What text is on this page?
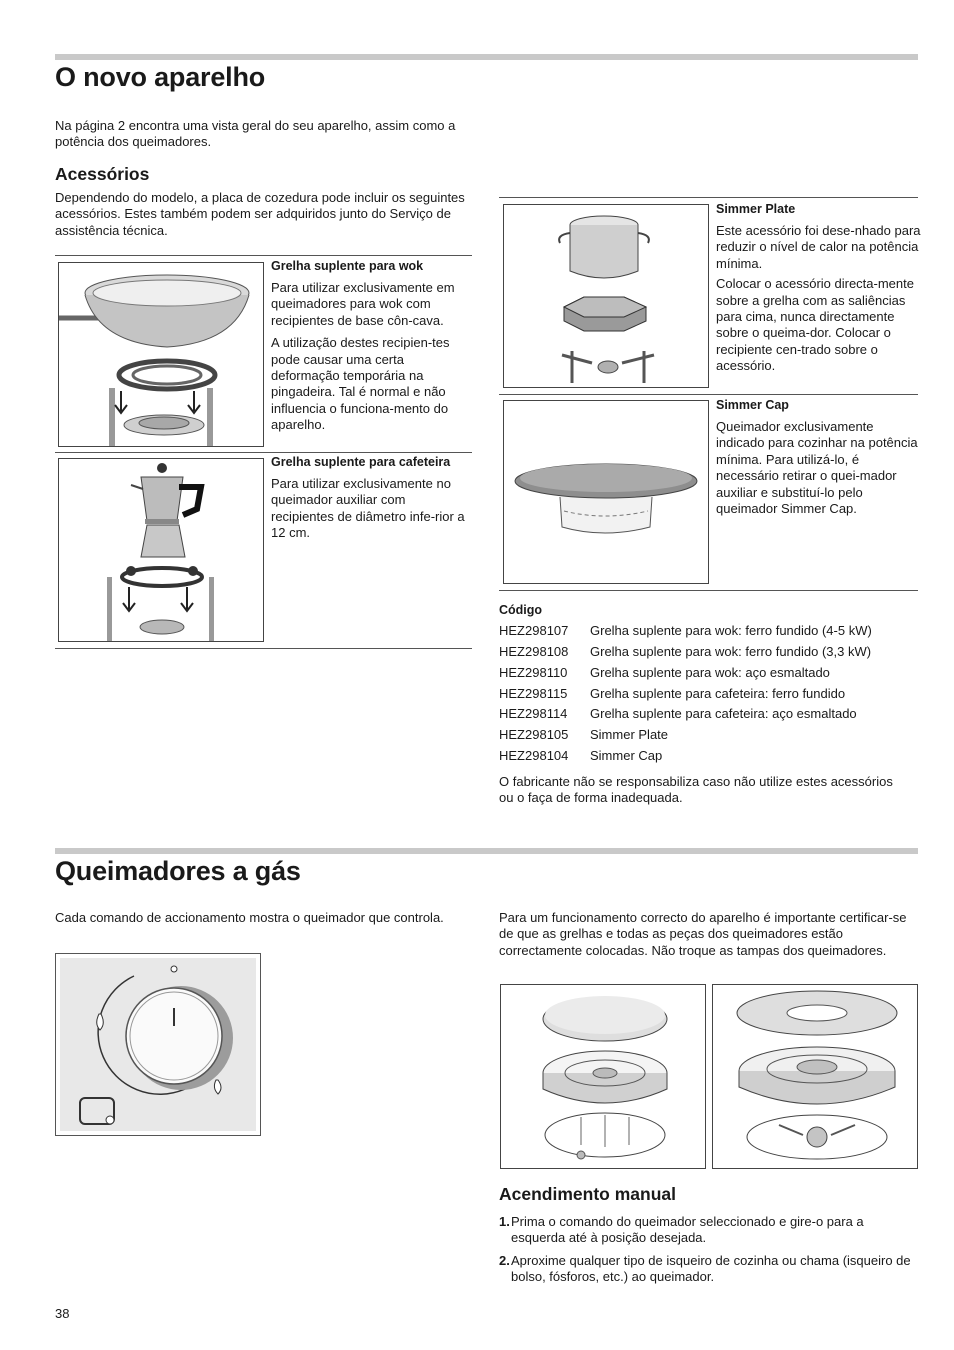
O novo aparelho

Na página 2 encontra uma vista geral do seu aparelho, assim como a potência dos queimadores.

Acessórios

Dependendo do modelo, a placa de cozedura pode incluir os seguintes acessórios. Estes também podem ser adquiridos junto do Serviço de assistência técnica.

Grelha suplente para wok

Para utilizar exclusivamente em queimadores para wok com recipientes de base côn-cava.

A utilização destes recipien-tes pode causar uma certa deformação temporária na pingadeira. Tal é normal e não influencia o funciona-mento do aparelho.

Grelha suplente para cafeteira

Para utilizar exclusivamente no queimador auxiliar com recipientes de diâmetro infe-rior a 12 cm.

Simmer Plate

Este acessório foi dese-nhado para reduzir o nível de calor na potência mínima.

Colocar o acessório directa-mente sobre a grelha com as saliências para cima, nunca directamente sobre o queima-dor. Colocar o recipiente cen-trado sobre o acessório.

Simmer Cap

Queimador exclusivamente indicado para cozinhar na potência mínima. Para utilizá-lo, é necessário retirar o quei-mador auxiliar e substituí-lo pelo queimador Simmer Cap.

Código
HEZ298107	Grelha suplente para wok: ferro fundido (4-5 kW)
HEZ298108	Grelha suplente para wok: ferro fundido (3,3 kW)
HEZ298110	Grelha suplente para wok: aço esmaltado
HEZ298115	Grelha suplente para cafeteira: ferro fundido
HEZ298114	Grelha suplente para cafeteira: aço esmaltado
HEZ298105	Simmer Plate
HEZ298104	Simmer Cap

O fabricante não se responsabiliza caso não utilize estes acessórios ou o faça de forma inadequada.

Queimadores a gás

Cada comando de accionamento mostra o queimador que controla.	Para um funcionamento correcto do aparelho é importante certificar-se de que as grelhas e todas as peças dos queimadores estão correctamente colocadas. Não troque as tampas dos queimadores.

Acendimento manual
1. Prima o comando do queimador seleccionado e gire-o para a esquerda até à posição desejada.
2. Aproxime qualquer tipo de isqueiro de cozinha ou chama (isqueiro de bolso, fósforos, etc.) ao queimador.
38
